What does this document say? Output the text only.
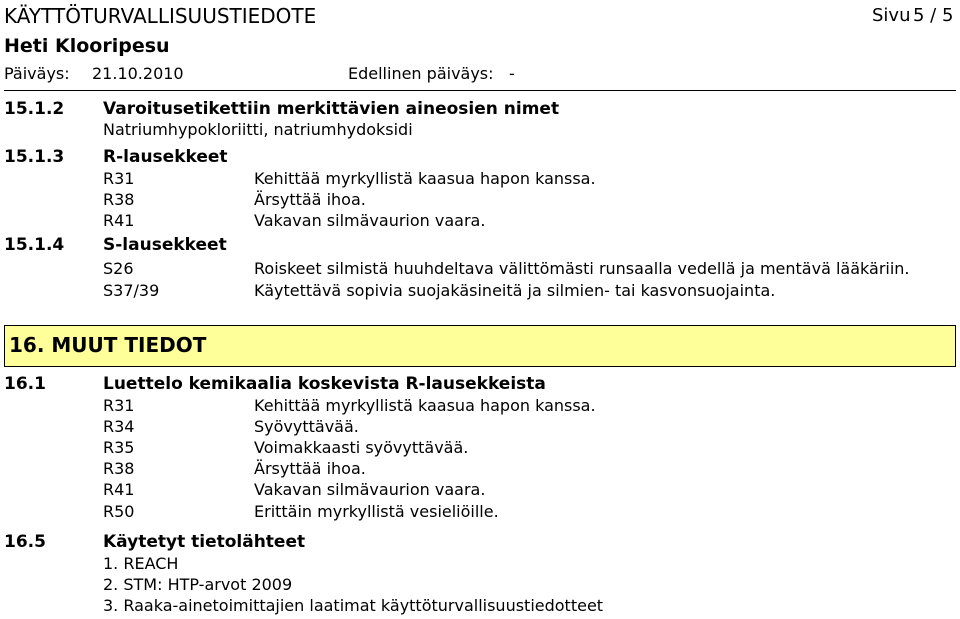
KÄYTTÖTURVALLISUUSTIEDOTE	Sivu 5 / 5
Heti Klooripesu
Päiväys: 21.10.2010	Edellinen päiväys: -
15.1.2 Varoitusetikettiin merkittävien aineosien nimet
Natriumhypokloriitti, natriumhydoksidi
15.1.3 R-lausekkeet
R31	Kehittää myrkyllistä kaasua hapon kanssa.
R38	Ärsyttää ihoa.
R41	Vakavan silmävaurion vaara.
15.1.4 S-lausekkeet
S26	Roiskeet silmistä huuhdeltava välittömästi runsaalla vedellä ja mentävä lääkäriin.
S37/39	Käytettävä sopivia suojakäsineitä ja silmien- tai kasvonsuojainta.
16. MUUT TIEDOT
16.1	Luettelo kemikaalia koskevista R-lausekkeista
R31	Kehittää myrkyllistä kaasua hapon kanssa.
R34	Syövyttävää.
R35	Voimakkaasti syövyttävää.
R38	Ärsyttää ihoa.
R41	Vakavan silmävaurion vaara.
R50	Erittäin myrkyllistä vesieliöille.
16.5	Käytetyt tietolähteet
1. REACH
2. STM: HTP-arvot 2009
3. Raaka-ainetoimittajien laatimat käyttöturvallisuustiedotteet
